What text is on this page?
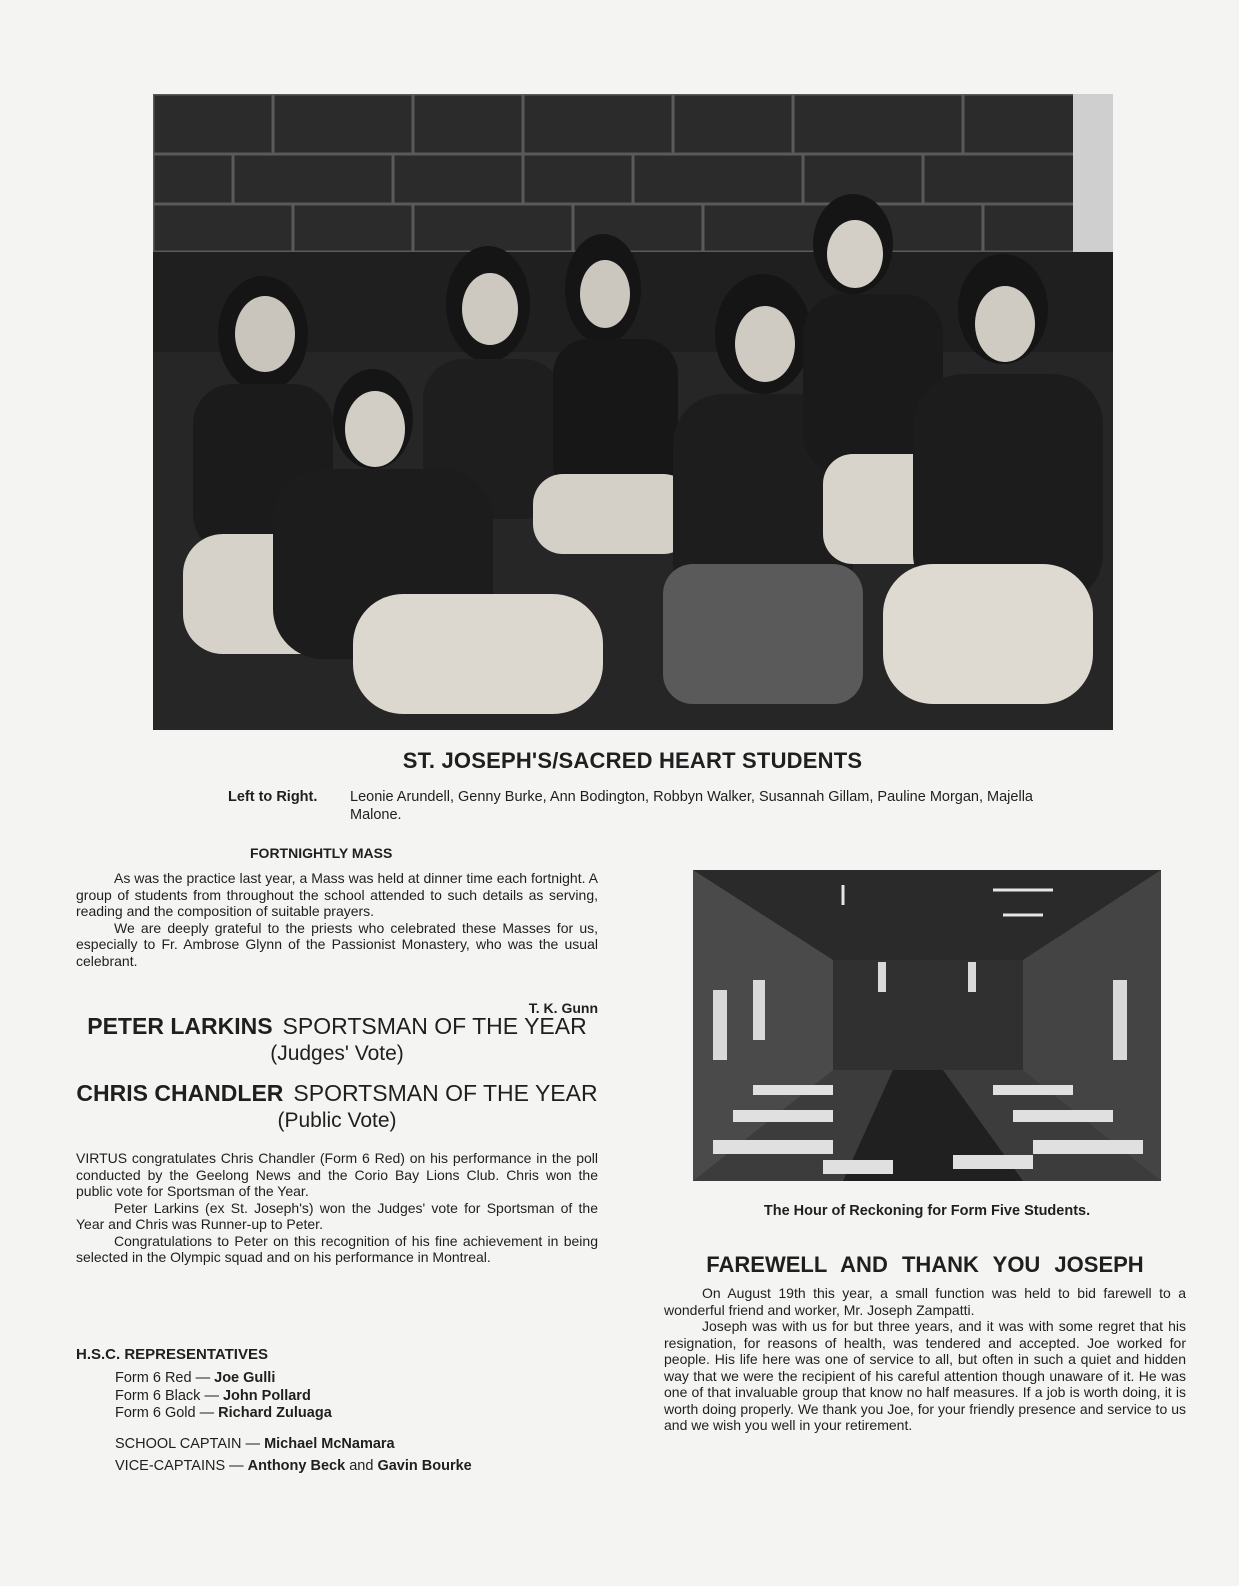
ST. JOSEPH'S/SACRED HEART STUDENTS
Left to Right. Leonie Arundell, Genny Burke, Ann Bodington, Robbyn Walker, Susannah Gillam, Pauline Morgan, Majella Malone.
FORTNIGHTLY MASS

As was the practice last year, a Mass was held at dinner time each fortnight. A group of students from throughout the school attended to such details as serving, reading and the composition of suitable prayers.

We are deeply grateful to the priests who celebrated these Masses for us, especially to Fr. Ambrose Glynn of the Passionist Monastery, who was the usual celebrant.

T. K. Gunn
PETER LARKINS SPORTSMAN OF THE YEAR
(Judges' Vote)
CHRIS CHANDLER SPORTSMAN OF THE YEAR
(Public Vote)

VIRTUS congratulates Chris Chandler (Form 6 Red) on his performance in the poll conducted by the Geelong News and the Corio Bay Lions Club. Chris won the public vote for Sportsman of the Year.

Peter Larkins (ex St. Joseph's) won the Judges' vote for Sportsman of the Year and Chris was Runner-up to Peter.

Congratulations to Peter on this recognition of his fine achievement in being selected in the Olympic squad and on his performance in Montreal.

H.S.C. REPRESENTATIVES
Form 6 Red — Joe Gulli
Form 6 Black — John Pollard
Form 6 Gold — Richard Zuluaga
SCHOOL CAPTAIN — Michael McNamara
VICE-CAPTAINS — Anthony Beck and Gavin Bourke
The Hour of Reckoning for Form Five Students.
FAREWELL AND THANK YOU JOSEPH

On August 19th this year, a small function was held to bid farewell to a wonderful friend and worker, Mr. Joseph Zampatti.

Joseph was with us for but three years, and it was with some regret that his resignation, for reasons of health, was tendered and accepted. Joe worked for people. His life here was one of service to all, but often in such a quiet and hidden way that we were the recipient of his careful attention though unaware of it. He was one of that invaluable group that know no half measures. If a job is worth doing, it is worth doing properly. We thank you Joe, for your friendly presence and service to us and we wish you well in your retirement.
